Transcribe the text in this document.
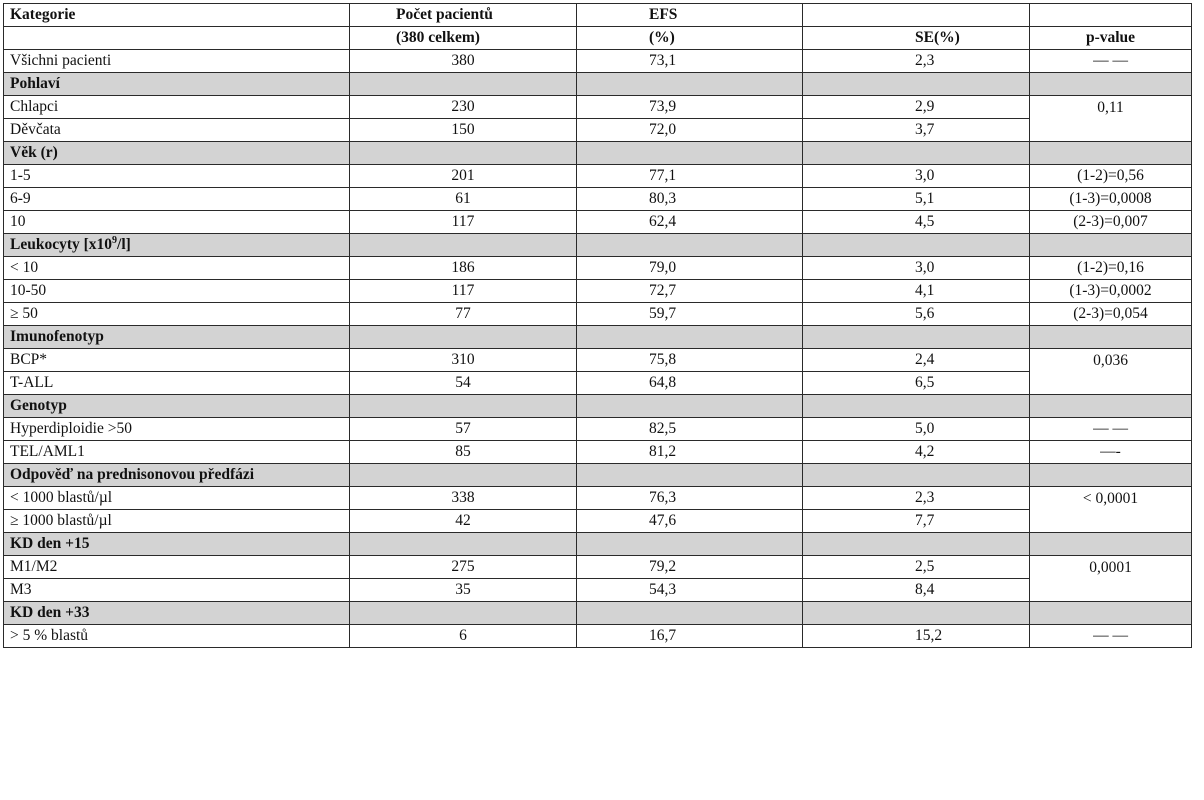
Kategorie	Počet pacientů	EFS		
	(380 celkem)	(%)	SE(%)	p-value
Všichni pacienti	380	73,1	2,3	— —
Pohlaví				
Chlapci	230	73,9	2,9	0,11
Děvčata	150	72,0	3,7	
Věk (r)				
1-5	201	77,1	3,0	(1-2)=0,56
6-9	61	80,3	5,1	(1-3)=0,0008
10	117	62,4	4,5	(2-3)=0,007
Leukocyty $[x10^9/l]$				
< 10	186	79,0	3,0	(1-2)=0,16
10-50	117	72,7	4,1	(1-3)=0,0002
≥ 50	77	59,7	5,6	(2-3)=0,054
Imunofenotyp				
BCP*	310	75,8	2,4	0,036
T-ALL	54	64,8	6,5	
Genotyp				
Hyperdiploidie >50	57	82,5	5,0	— —
TEL/AML1	85	81,2	4,2	—-
Odpověď na prednisonovou předfázi				
< 1000 blastů/µl	338	76,3	2,3	< 0,0001
≥ 1000 blastů/µl	42	47,6	7,7	
KD den +15				
M1/M2	275	79,2	2,5	0,0001
M3	35	54,3	8,4	
KD den +33				
> 5 % blastů	6	16,7	15,2	— —
